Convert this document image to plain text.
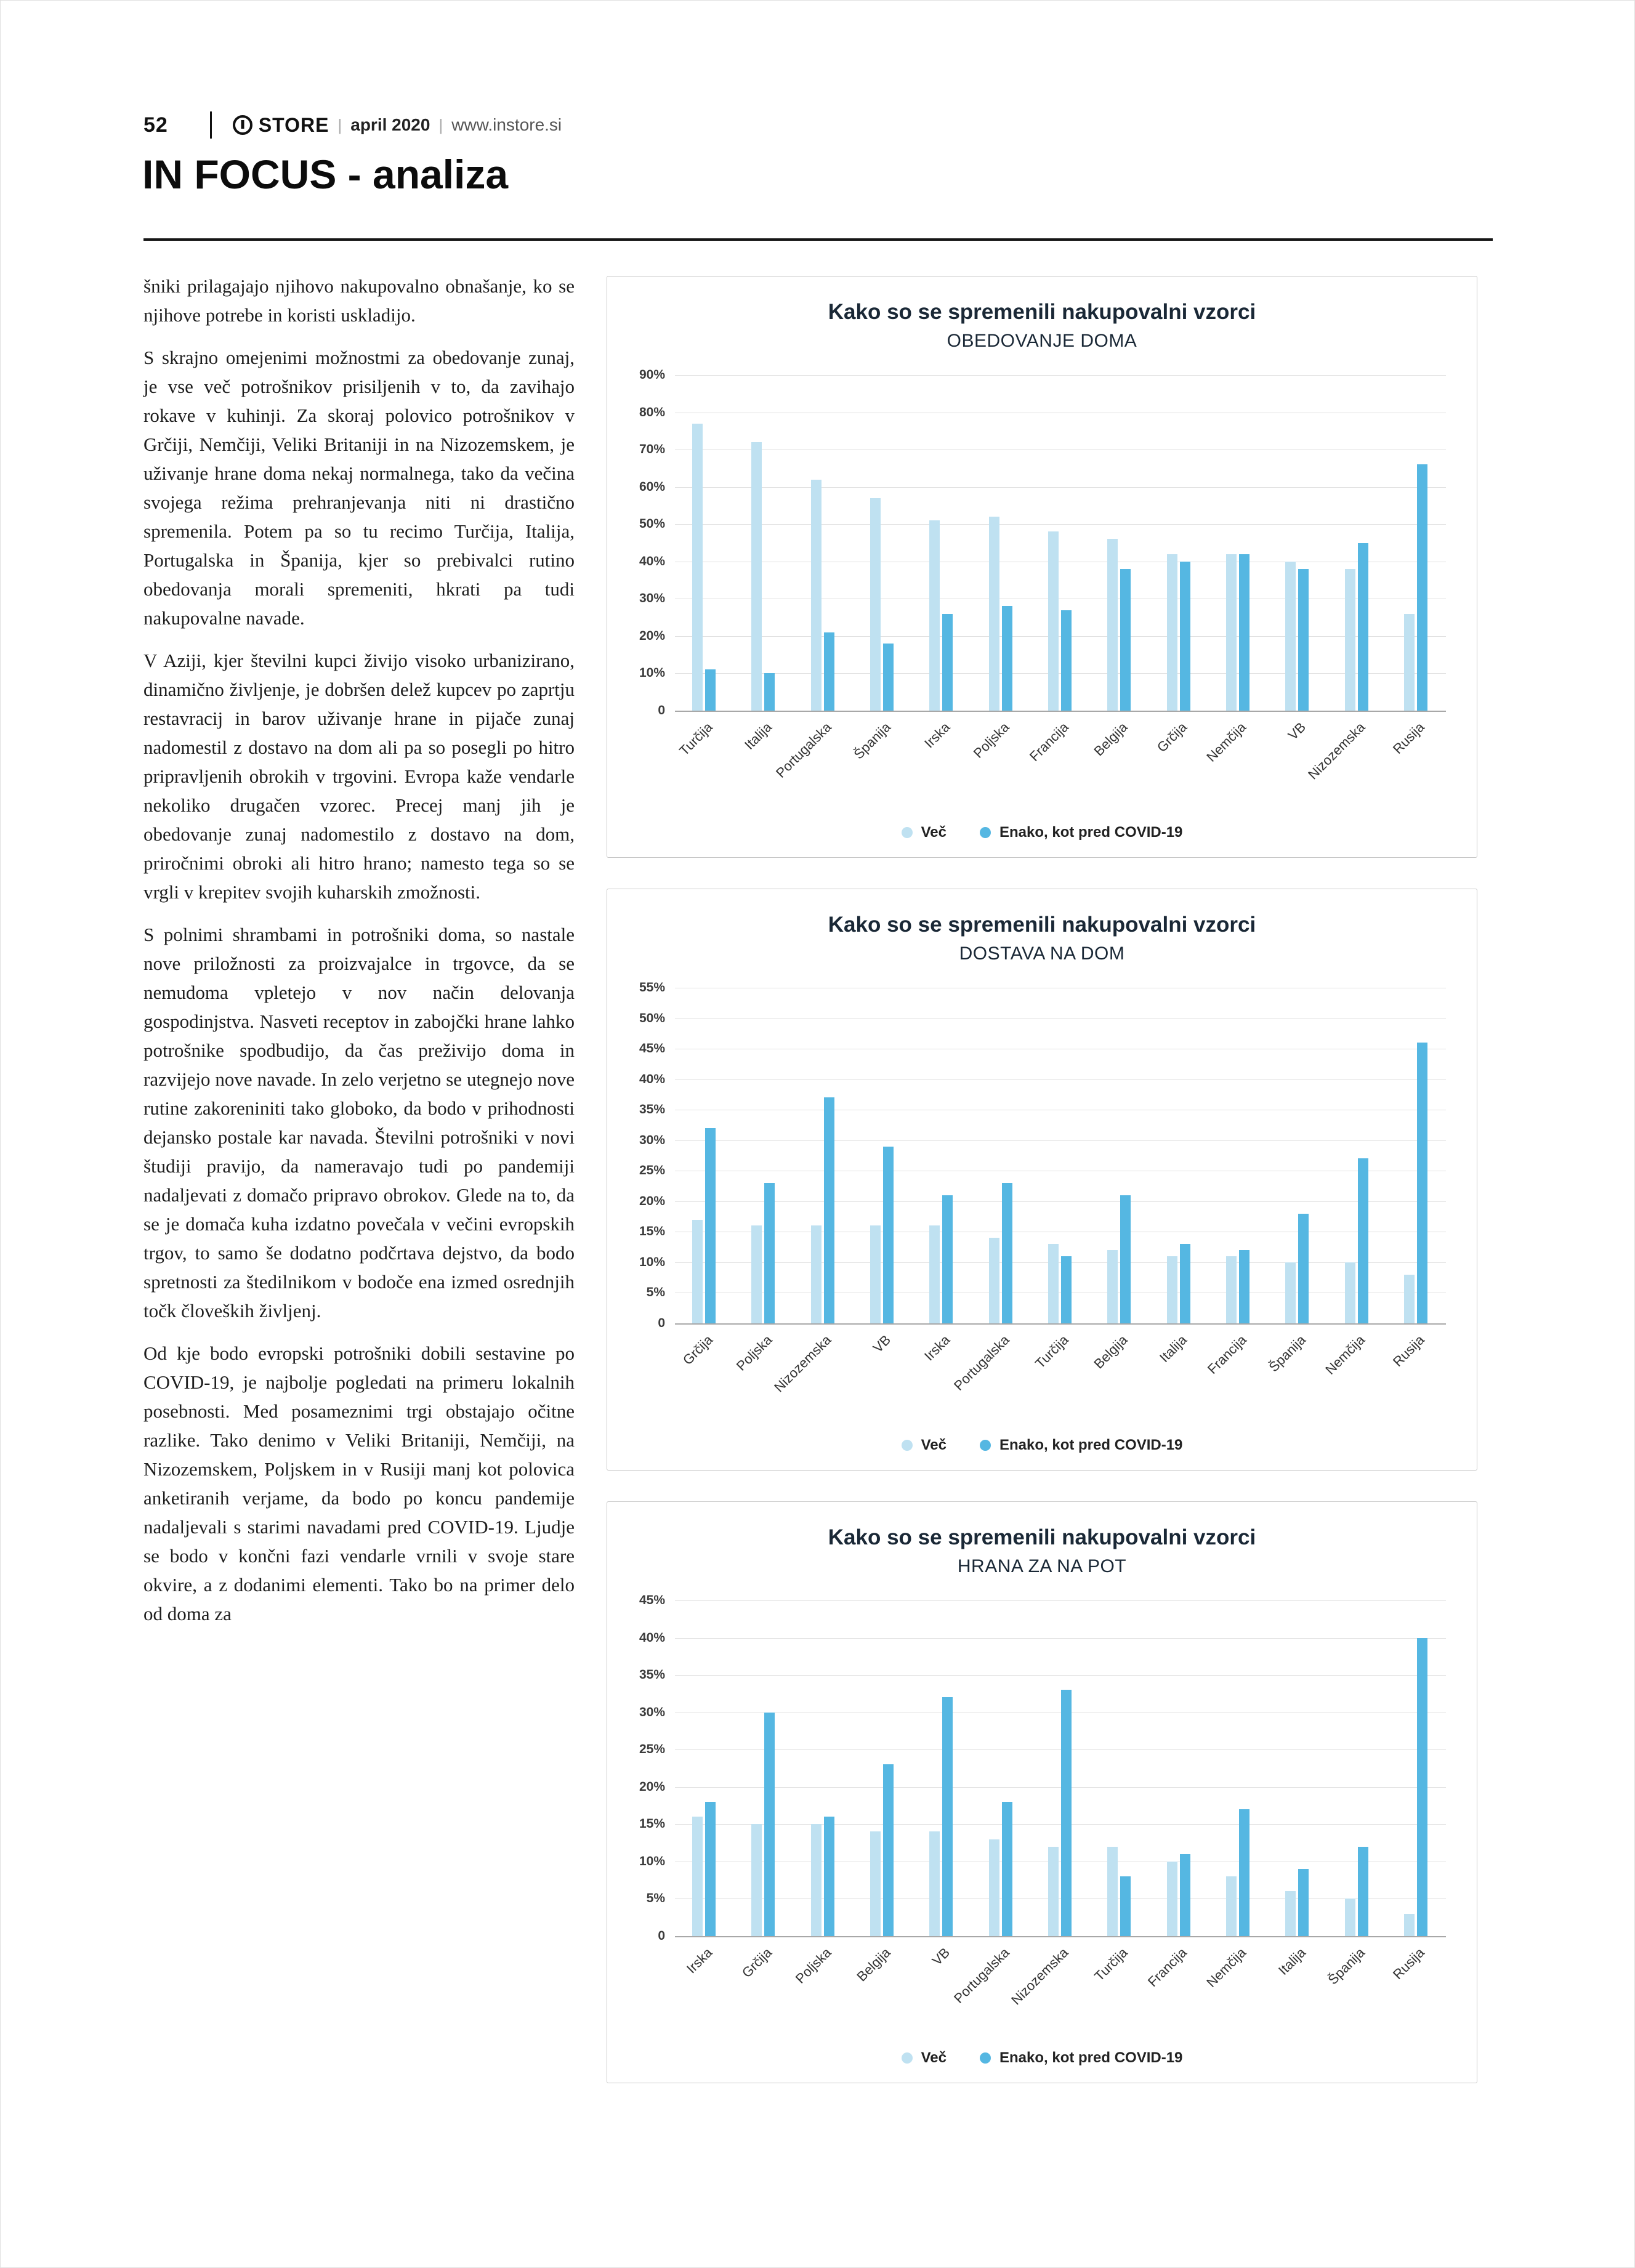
52	STORE | april 2020 | www.instore.si
IN FOCUS - analiza

šniki prilagajajo njihovo nakupovalno obnašanje, ko se njihove potrebe in koristi uskladijo.

S skrajno omejenimi možnostmi za obedovanje zunaj, je vse več potrošnikov prisiljenih v to, da zavihajo rokave v kuhinji. Za skoraj polovico potrošnikov v Grčiji, Nemčiji, Veliki Britaniji in na Nizozemskem, je uživanje hrane doma nekaj normalnega, tako da večina svojega režima prehranjevanja niti ni drastično spremenila. Potem pa so tu recimo Turčija, Italija, Portugalska in Španija, kjer so prebivalci rutino obedovanja morali spremeniti, hkrati pa tudi nakupovalne navade.

V Aziji, kjer številni kupci živijo visoko urbanizirano, dinamično življenje, je dobršen delež kupcev po zaprtju restavracij in barov uživanje hrane in pijače zunaj nadomestil z dostavo na dom ali pa so posegli po hitro pripravljenih obrokih v trgovini. Evropa kaže vendarle nekoliko drugačen vzorec. Precej manj jih je obedovanje zunaj nadomestilo z dostavo na dom, priročnimi obroki ali hitro hrano; namesto tega so se vrgli v krepitev svojih kuharskih zmožnosti.

S polnimi shrambami in potrošniki doma, so nastale nove priložnosti za proizvajalce in trgovce, da se nemudoma vpletejo v nov način delovanja gospodinjstva. Nasveti receptov in zabojčki hrane lahko potrošnike spodbudijo, da čas preživijo doma in razvijejo nove navade. In zelo verjetno se utegnejo nove rutine zakoreniniti tako globoko, da bodo v prihodnosti dejansko postale kar navada. Številni potrošniki v novi študiji pravijo, da nameravajo tudi po pandemiji nadaljevati z domačo pripravo obrokov. Glede na to, da se je domača kuha izdatno povečala v večini evropskih trgov, to samo še dodatno podčrtava dejstvo, da bodo spretnosti za štedilnikom v bodoče ena izmed osrednjih točk človeških življenj.

Od kje bodo evropski potrošniki dobili sestavine po COVID-19, je najbolje pogledati na primeru lokalnih posebnosti. Med posameznimi trgi obstajajo očitne razlike. Tako denimo v Veliki Britaniji, Nemčiji, na Nizozemskem, Poljskem in v Rusiji manj kot polovica anketiranih verjame, da bodo po koncu pandemije nadaljevali s starimi navadami pred COVID-19. Ljudje se bodo v končni fazi vendarle vrnili v svoje stare okvire, a z dodanimi elementi. Tako bo na primer delo od doma za

Kako so se spremenili nakupovalni vzorci
OBEDOVANJE DOMA
0
10%
20%
30%
40%
50%
60%
70%
80%
90%
Turčija Italija
Portugalska Španija Irska Poljska Francija Belgija Grčija Nemčija	VB
Nizozemska Rusija
Več	Enako, kot pred COVID-19
Kako so se spremenili nakupovalni vzorci
DOSTAVA NA DOM
0
5%
10%
15%
20%
25%
30%
35%
40%
45%
50%
55%
Grčija Poljska
Nizozemska	VB Irska
Portugalska Turčija Belgija Italija Francija Španija Nemčija Rusija
Več	Enako, kot pred COVID-19
Kako so se spremenili nakupovalni vzorci
HRANA ZA NA POT
0
5%
10%
15%
20%
25%
30%
35%
40%
45%
Irska Grčija Poljska Belgija	VB
Portugalska
Nizozemska Turčija Francija Nemčija Italija Španija Rusija
Več	Enako, kot pred COVID-19
